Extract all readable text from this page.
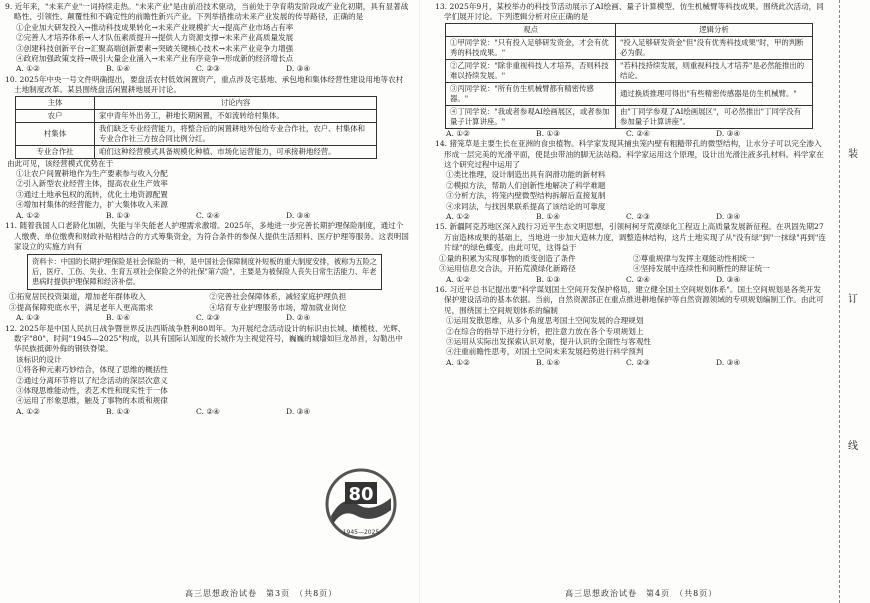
9. 近年来，"未来产业"一词持续走热。"未来产业"是由前沿技术驱动，当前处于孕育萌发阶段或产业化初期，具有显著战略性、引领性、颠覆性和不确定性的前瞻性新兴产业。下列举措推动未来产业发展的传导路径，正确的是

①企业加大研发投入→推动科技成果转化→未来产业规模扩大→提高产业市场占有率

②完善人才培养体系→人才队伍素质提升→提供人力资源支撑→未来产业高质量发展

③创建科技创新平台→汇聚高端创新要素→突破关键核心技术→未来产业竞争力增强

④政府加强政策支持→吸引大量企业涌入→未来产业有序竞争→形成新的经济增长点

A. ①②	B. ①④	C. ②③	D. ③④

10. 2025年中央一号文件明确提出，要盘活农村低效闲置资产，重点涉及宅基地、承包地和集体经营性建设用地等农村土地制度改革。某县围绕盘活闲置耕地展开讨论。

主体	讨论内容
农户	家中青年外出务工，耕地长期闲置，不如流转给村集体。
村集体	我们缺乏专业经营能力，将整合后的闲置耕地外包给专业合作社，农户、村集体和专业合作社三方按合同比例分红。
专业合作社	咱们这种经营模式具备规模化种植、市场化运营能力，可承接耕地经营。

由此可见，该经营模式优势在于

①让农户间置耕地作为生产要素参与收入分配

②引入新型农业经营主体，提高农业生产效率

③通过土地承包权的流转，优化土地资源配置

④增加村集体的经营能力，扩大集体收入来源

A. ①②	B. ①③	C. ②④	D. ③④

11. 随着我国人口老龄化加剧，失能与半失能老人护理需求激增。2025年，多地进一步完善长期护理保险制度，通过个人缴费、单位缴费和财政补贴相结合的方式筹集资金，为符合条件的参保人提供生活照料、医疗护理等服务。这表明国家设立的实施方向有

资料卡：中国的长期护理保险是社会保险的一种，是中国社会保障制度补短板的重大制度安排，被称为五险之后，医疗、工伤、失业、生育五项社会保险之外的社保"第六险"，主要是为被保险人丧失日常生活能力、年老患病时提供护理保障和经济补偿。
①拓宽居民投资渠道，增加老年群体收入	②完善社会保障体系，减轻家庭护理负担
③提高保障兜底水平，满足老年人更高需求	④培育专业护理服务市场，增加就业岗位
A. ①③	B. ①④	C. ②③	D. ②④

12. 2025年是中国人民抗日战争暨世界反法西斯战争胜利80周年。为开展纪念活动设计的标识由长城、橄榄枝、光辉、数字"80"、时间"1945—2025"构成，以具有国际认知度的长城作为主视觉符号，巍巍的城墙如巨龙昂首，勾勒出中华民族抵御外侮的钢铁脊梁。

该标识的设计

①将各种元素巧妙结合，体现了思维的概括性

②通过分离环节将以了纪念活动的深层次意义

③体现思维能动性，表艺术性和现实性于一体

④运用了形象思维，触及了事物的本质和规律

A. ①②	B. ①③	C. ②④	D. ③④
80
1945—2025
高三思想政治试卷　第3页　（共8页）

13. 2025年9月，某校举办的科技节活动展示了AI绘画、量子计算模型、仿生机械臂等科技成果。围绕此次活动，同学们展开讨论。下列逻辑分析对应正确的是

观点	逻辑分析
①甲同学说："只有投入足够研发资金，才会有优秀的科技成果。"	"投入足够研发资金"但"没有优秀科技成果"时，甲的判断必为假。
②乙同学说："除非重视科技人才培养，否则科技难以持续发展。"	"若科技持续发展，则重视科技人才培养"是必然能推出的结论。
③丙同学说："所有仿生机械臂都有精密传感器。"	通过换质推理可得出"有些精密传感器是仿生机械臂。"
④丁同学说："我或者参观AI绘画展区，或者参加量子计算讲座。"	由"丁同学参观了AI绘画展区"，可必然推出"丁同学没有参加量子计算讲座"。
A. ①②	B. ①③	C. ②④	D. ③④

14. 猪笼草是主要生长在亚洲的食虫植物。科学家发现其捕虫笼内壁有粗糙带孔的微型结构，让水分子可以完全渗入形成一层完美的光滑平面，使昆虫带油的脚无法站稳。科学家运用这个原理，设计出光滑注液多孔材料。科学家在这个研究过程中运用了

①类比推理，设计制造出具有润滑功能的新材料

②模拟方法，帮助人们创新性地解决了科学难题

③分析方法，将笼内壁微型结构拆解后直接复制

④求同法，与找因果联系提高了该结论的可靠度

A. ①②	B. ①④	C. ②③	D. ③④

15. 新疆阿克苏地区深入践行习近平生态文明思想，引领柯柯牙荒漠绿化工程迈上高质量发展新征程。在巩固先期27万亩造林成果的基础上，当地进一步加大造林力度，调整造林结构，这片土地实现了从"没有绿"到"一抹绿"再到"连片绿"的绿色蝶变。由此可见，这得益于

①量的积累为实现事物的质变创造了条件	②尊重规律与发挥主观能动性相统一
③运用信息交合法，开拓荒漠绿化新路径	④坚持发展中连续性和间断性的辩证统一
A. ①②	B. ①③	C. ②④	D. ③④

16. 习近平总书记提出要"科学谋划国土空间开发保护格局，建立健全国土空间规划体系"。国土空间规划是各类开发保护建设活动的基本依据。当前，自然资源部正在重点推进耕地保护等自然资源领域的专项规划编制工作。由此可见，围绕国土空间规划体系的编制

①运用发散思维，从多个角度思考国土空间发展的合理规划

②在综合的指导下进行分析，把注意力放在各个专项规划上

③运用从实际出发探索认识对象，提升认识的全面性与客观性

④注重前瞻性思考，对国土空间未来发展趋势进行科学预判

A. ①②	B. ①④	C. ②③	D. ③④
高三思想政治试卷　第4页　（共8页）
装
订
线
